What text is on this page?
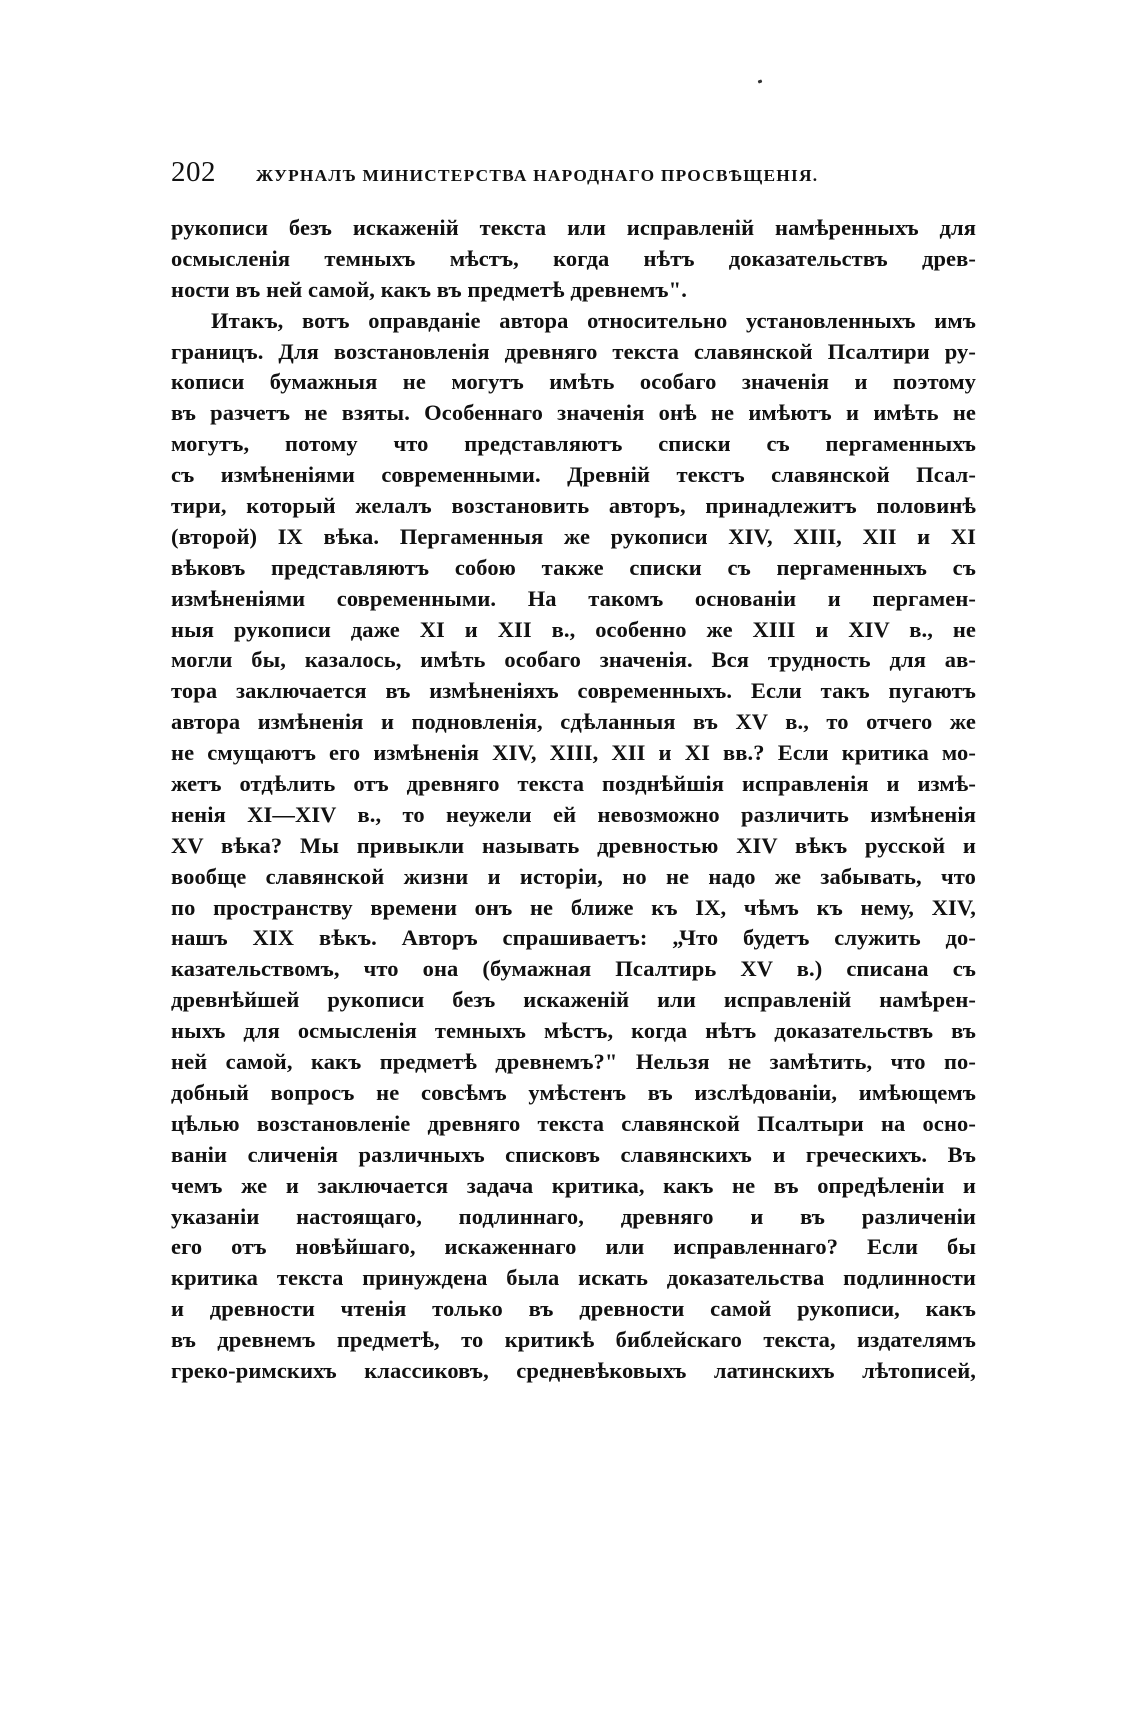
202	ЖУРНАЛЪ МИНИСТЕРСТВА НАРОДНАГО ПРОСВѢЩЕНІЯ.
рукописи безъ искаженій текста или исправленій намѣренныхъ для
осмысленія темныхъ мѣстъ, когда нѣтъ доказательствъ древ-
ности въ ней самой, какъ въ предметѣ древнемъ".
Итакъ, вотъ оправданіе автора относительно установленныхъ имъ
границъ. Для возстановленія древняго текста славянской Псалтири ру-
кописи бумажныя не могутъ имѣть особаго значенія и поэтому
въ разчетъ не взяты. Особеннаго значенія онѣ не имѣютъ и имѣть не
могутъ, потому что представляютъ списки съ пергаменныхъ
съ измѣненіями современными. Древній текстъ славянской Псал-
тири, который желалъ возстановить авторъ, принадлежитъ половинѣ
(второй) IX вѣка. Пергаменныя же рукописи XIV, XIII, XII и XI
вѣковъ представляютъ собою также списки съ пергаменныхъ съ
измѣненіями современными. На такомъ основаніи и пергамен-
ныя рукописи даже XI и XII в., особенно же XIII и XIV в., не
могли бы, казалось, имѣть особаго значенія. Вся трудность для ав-
тора заключается въ измѣненіяхъ современныхъ. Если такъ пугаютъ
автора измѣненія и подновленія, сдѣланныя въ XV в., то отчего же
не смущаютъ его измѣненія XIV, XIII, XII и XI вв.? Если критика мо-
жетъ отдѣлить отъ древняго текста позднѣйшія исправленія и измѣ-
ненія XI—XIV в., то неужели ей невозможно различить измѣненія
XV вѣка? Мы привыкли называть древностью XIV вѣкъ русской и
вообще славянской жизни и исторіи, но не надо же забывать, что
по пространству времени онъ не ближе къ IX, чѣмъ къ нему, XIV,
нашъ XIX вѣкъ. Авторъ спрашиваетъ: „Что будетъ служить до-
казательствомъ, что она (бумажная Псалтирь XV в.) списана съ
древнѣйшей рукописи безъ искаженій или исправленій намѣрен-
ныхъ для осмысленія темныхъ мѣстъ, когда нѣтъ доказательствъ въ
ней самой, какъ предметѣ древнемъ?" Нельзя не замѣтить, что по-
добный вопросъ не совсѣмъ умѣстенъ въ изслѣдованіи, имѣющемъ
цѣлью возстановленіе древняго текста славянской Псалтыри на осно-
ваніи сличенія различныхъ списковъ славянскихъ и греческихъ. Въ
чемъ же и заключается задача критика, какъ не въ опредѣленіи и
указаніи настоящаго, подлиннаго, древняго и въ различеніи
его отъ новѣйшаго, искаженнаго или исправленнаго? Если бы
критика текста принуждена была искать доказательства подлинности
и древности чтенія только въ древности самой рукописи, какъ
въ древнемъ предметѣ, то критикѣ библейскаго текста, издателямъ
греко-римскихъ классиковъ, средневѣковыхъ латинскихъ лѣтописей,
